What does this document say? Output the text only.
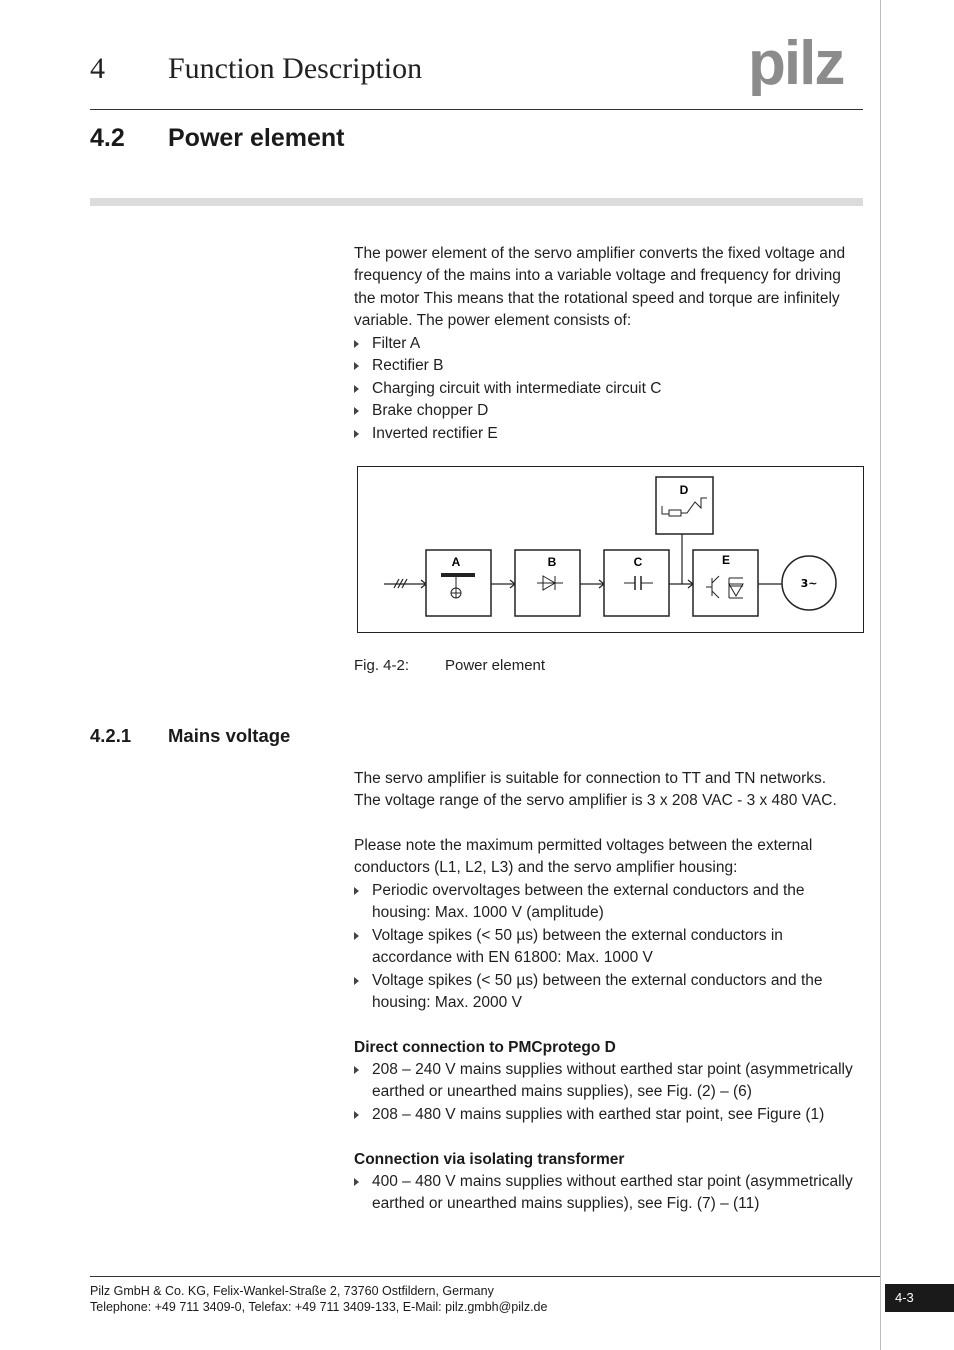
4 Function Description	pilz
4.2 Power element

The power element of the servo amplifier converts the fixed voltage and frequency of the mains into a variable voltage and frequency for driving the motor This means that the rotational speed and torque are infinitely variable. The power element consists of:

Filter A
Rectifier B
Charging circuit with intermediate circuit C
Brake chopper D
Inverted rectifier E
A	B	C
D
E
3~
Fig. 4-2: Power element
4.2.1 Mains voltage
The servo amplifier is suitable for connection to TT and TN networks.
The voltage range of the servo amplifier is 3 x 208 VAC - 3 x 480 VAC.

Please note the maximum permitted voltages between the external conductors (L1, L2, L3) and the servo amplifier housing:

Periodic overvoltages between the external conductors and the housing: Max. 1000 V (amplitude)
Voltage spikes (< 50 µs) between the external conductors in accordance with EN 61800: Max. 1000 V
Voltage spikes (< 50 µs) between the external conductors and the housing: Max. 2000 V
Direct connection to PMCprotego D
208 – 240 V mains supplies without earthed star point (asymmetrically earthed or unearthed mains supplies), see Fig. (2) – (6)
208 – 480 V mains supplies with earthed star point, see Figure (1)
Connection via isolating transformer
400 – 480 V mains supplies without earthed star point (asymmetrically earthed or unearthed mains supplies), see Fig. (7) – (11)
Pilz GmbH & Co. KG, Felix-Wankel-Straße 2, 73760 Ostfildern, Germany
Telephone: +49 711 3409-0, Telefax: +49 711 3409-133, E-Mail: pilz.gmbh@pilz.de
4-3
